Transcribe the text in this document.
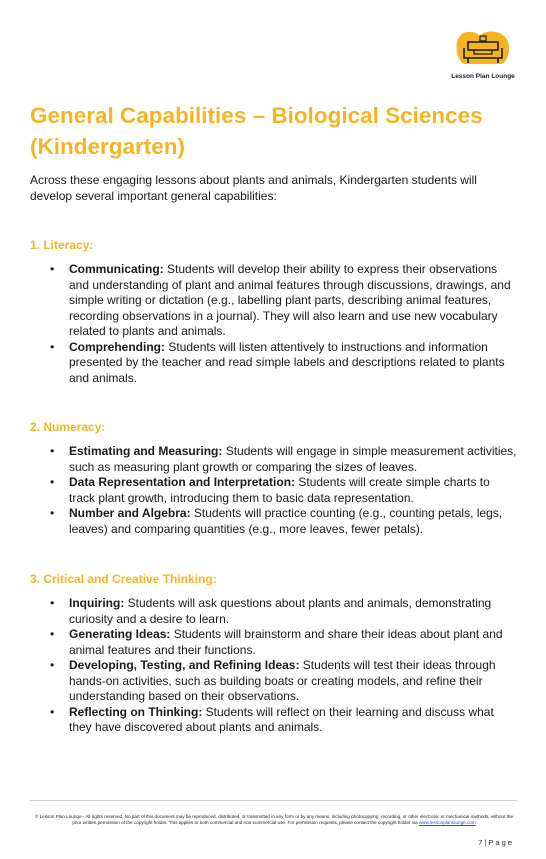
Lesson Plan Lounge
General Capabilities – Biological Sciences (Kindergarten)

Across these engaging lessons about plants and animals, Kindergarten students will develop several important general capabilities:

1. Literacy:
• Communicating: Students will develop their ability to express their observations and understanding of plant and animal features through discussions, drawings, and simple writing or dictation (e.g., labelling plant parts, describing animal features, recording observations in a journal). They will also learn and use new vocabulary related to plants and animals.
• Comprehending: Students will listen attentively to instructions and information presented by the teacher and read simple labels and descriptions related to plants and animals.
2. Numeracy:
• Estimating and Measuring: Students will engage in simple measurement activities, such as measuring plant growth or comparing the sizes of leaves.
• Data Representation and Interpretation: Students will create simple charts to track plant growth, introducing them to basic data representation.
• Number and Algebra: Students will practice counting (e.g., counting petals, legs, leaves) and comparing quantities (e.g., more leaves, fewer petals).
3. Critical and Creative Thinking:
• Inquiring: Students will ask questions about plants and animals, demonstrating curiosity and a desire to learn.
• Generating Ideas: Students will brainstorm and share their ideas about plant and animal features and their functions.
• Developing, Testing, and Refining Ideas: Students will test their ideas through hands-on activities, such as building boats or creating models, and refine their understanding based on their observations.
• Reflecting on Thinking: Students will reflect on their learning and discuss what they have discovered about plants and animals.
© Lesson Plan Lounge - All rights reserved. No part of this document may be reproduced, distributed, or transmitted in any form or by any means, including photocopying, recording, or other electronic or mechanical methods, without the prior written permission of the copyright holder. This applies to both commercial and non-commercial use. For permission requests, please contact the copyright holder via www.lessonplanlounge.com
7 | P a g e
